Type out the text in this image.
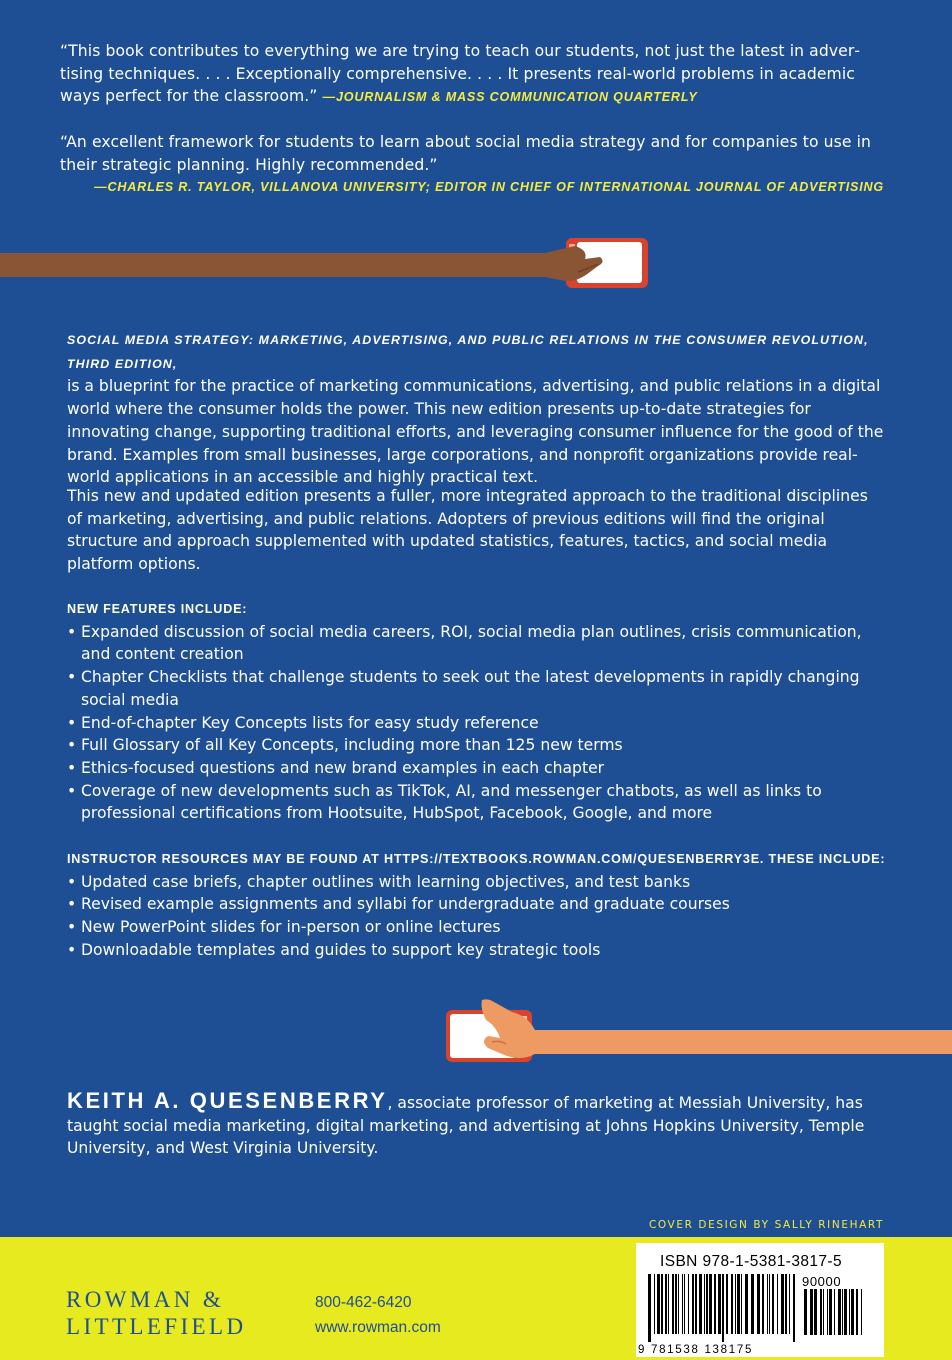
“This book contributes to everything we are trying to teach our students, not just the latest in advertising techniques. . . . Exceptionally comprehensive. . . . It presents real-world problems in academic ways perfect for the classroom.” —JOURNALISM & MASS COMMUNICATION QUARTERLY
“An excellent framework for students to learn about social media strategy and for companies to use in their strategic planning. Highly recommended.”
—CHARLES R. TAYLOR, VILLANOVA UNIVERSITY; EDITOR IN CHIEF OF INTERNATIONAL JOURNAL OF ADVERTISING
SOCIAL MEDIA STRATEGY: MARKETING, ADVERTISING, AND PUBLIC RELATIONS IN THE CONSUMER REVOLUTION, THIRD EDITION,
is a blueprint for the practice of marketing communications, advertising, and public relations in a digital world where the consumer holds the power. This new edition presents up-to-date strategies for innovating change, supporting traditional efforts, and leveraging consumer influence for the good of the brand. Examples from small businesses, large corporations, and nonprofit organizations provide real-world applications in an accessible and highly practical text.
This new and updated edition presents a fuller, more integrated approach to the traditional disciplines of marketing, advertising, and public relations. Adopters of previous editions will find the original structure and approach supplemented with updated statistics, features, tactics, and social media platform options.
NEW FEATURES INCLUDE:
• Expanded discussion of social media careers, ROI, social media plan outlines, crisis communication, and content creation
• Chapter Checklists that challenge students to seek out the latest developments in rapidly changing social media
• End-of-chapter Key Concepts lists for easy study reference
• Full Glossary of all Key Concepts, including more than 125 new terms
• Ethics-focused questions and new brand examples in each chapter
• Coverage of new developments such as TikTok, AI, and messenger chatbots, as well as links to professional certifications from Hootsuite, HubSpot, Facebook, Google, and more
INSTRUCTOR RESOURCES MAY BE FOUND AT HTTPS://TEXTBOOKS.ROWMAN.COM/QUESENBERRY3E. THESE INCLUDE:
• Updated case briefs, chapter outlines with learning objectives, and test banks
• Revised example assignments and syllabi for undergraduate and graduate courses
• New PowerPoint slides for in-person or online lectures
• Downloadable templates and guides to support key strategic tools
KEITH A. QUESENBERRY, associate professor of marketing at Messiah University, has taught social media marketing, digital marketing, and advertising at Johns Hopkins University, Temple University, and West Virginia University.
COVER DESIGN BY SALLY RINEHART
ROWMAN &
LITTLEFIELD
800-462-6420
www.rowman.com
ISBN 978-1-5381-3817-5
90000
9 781538 138175
